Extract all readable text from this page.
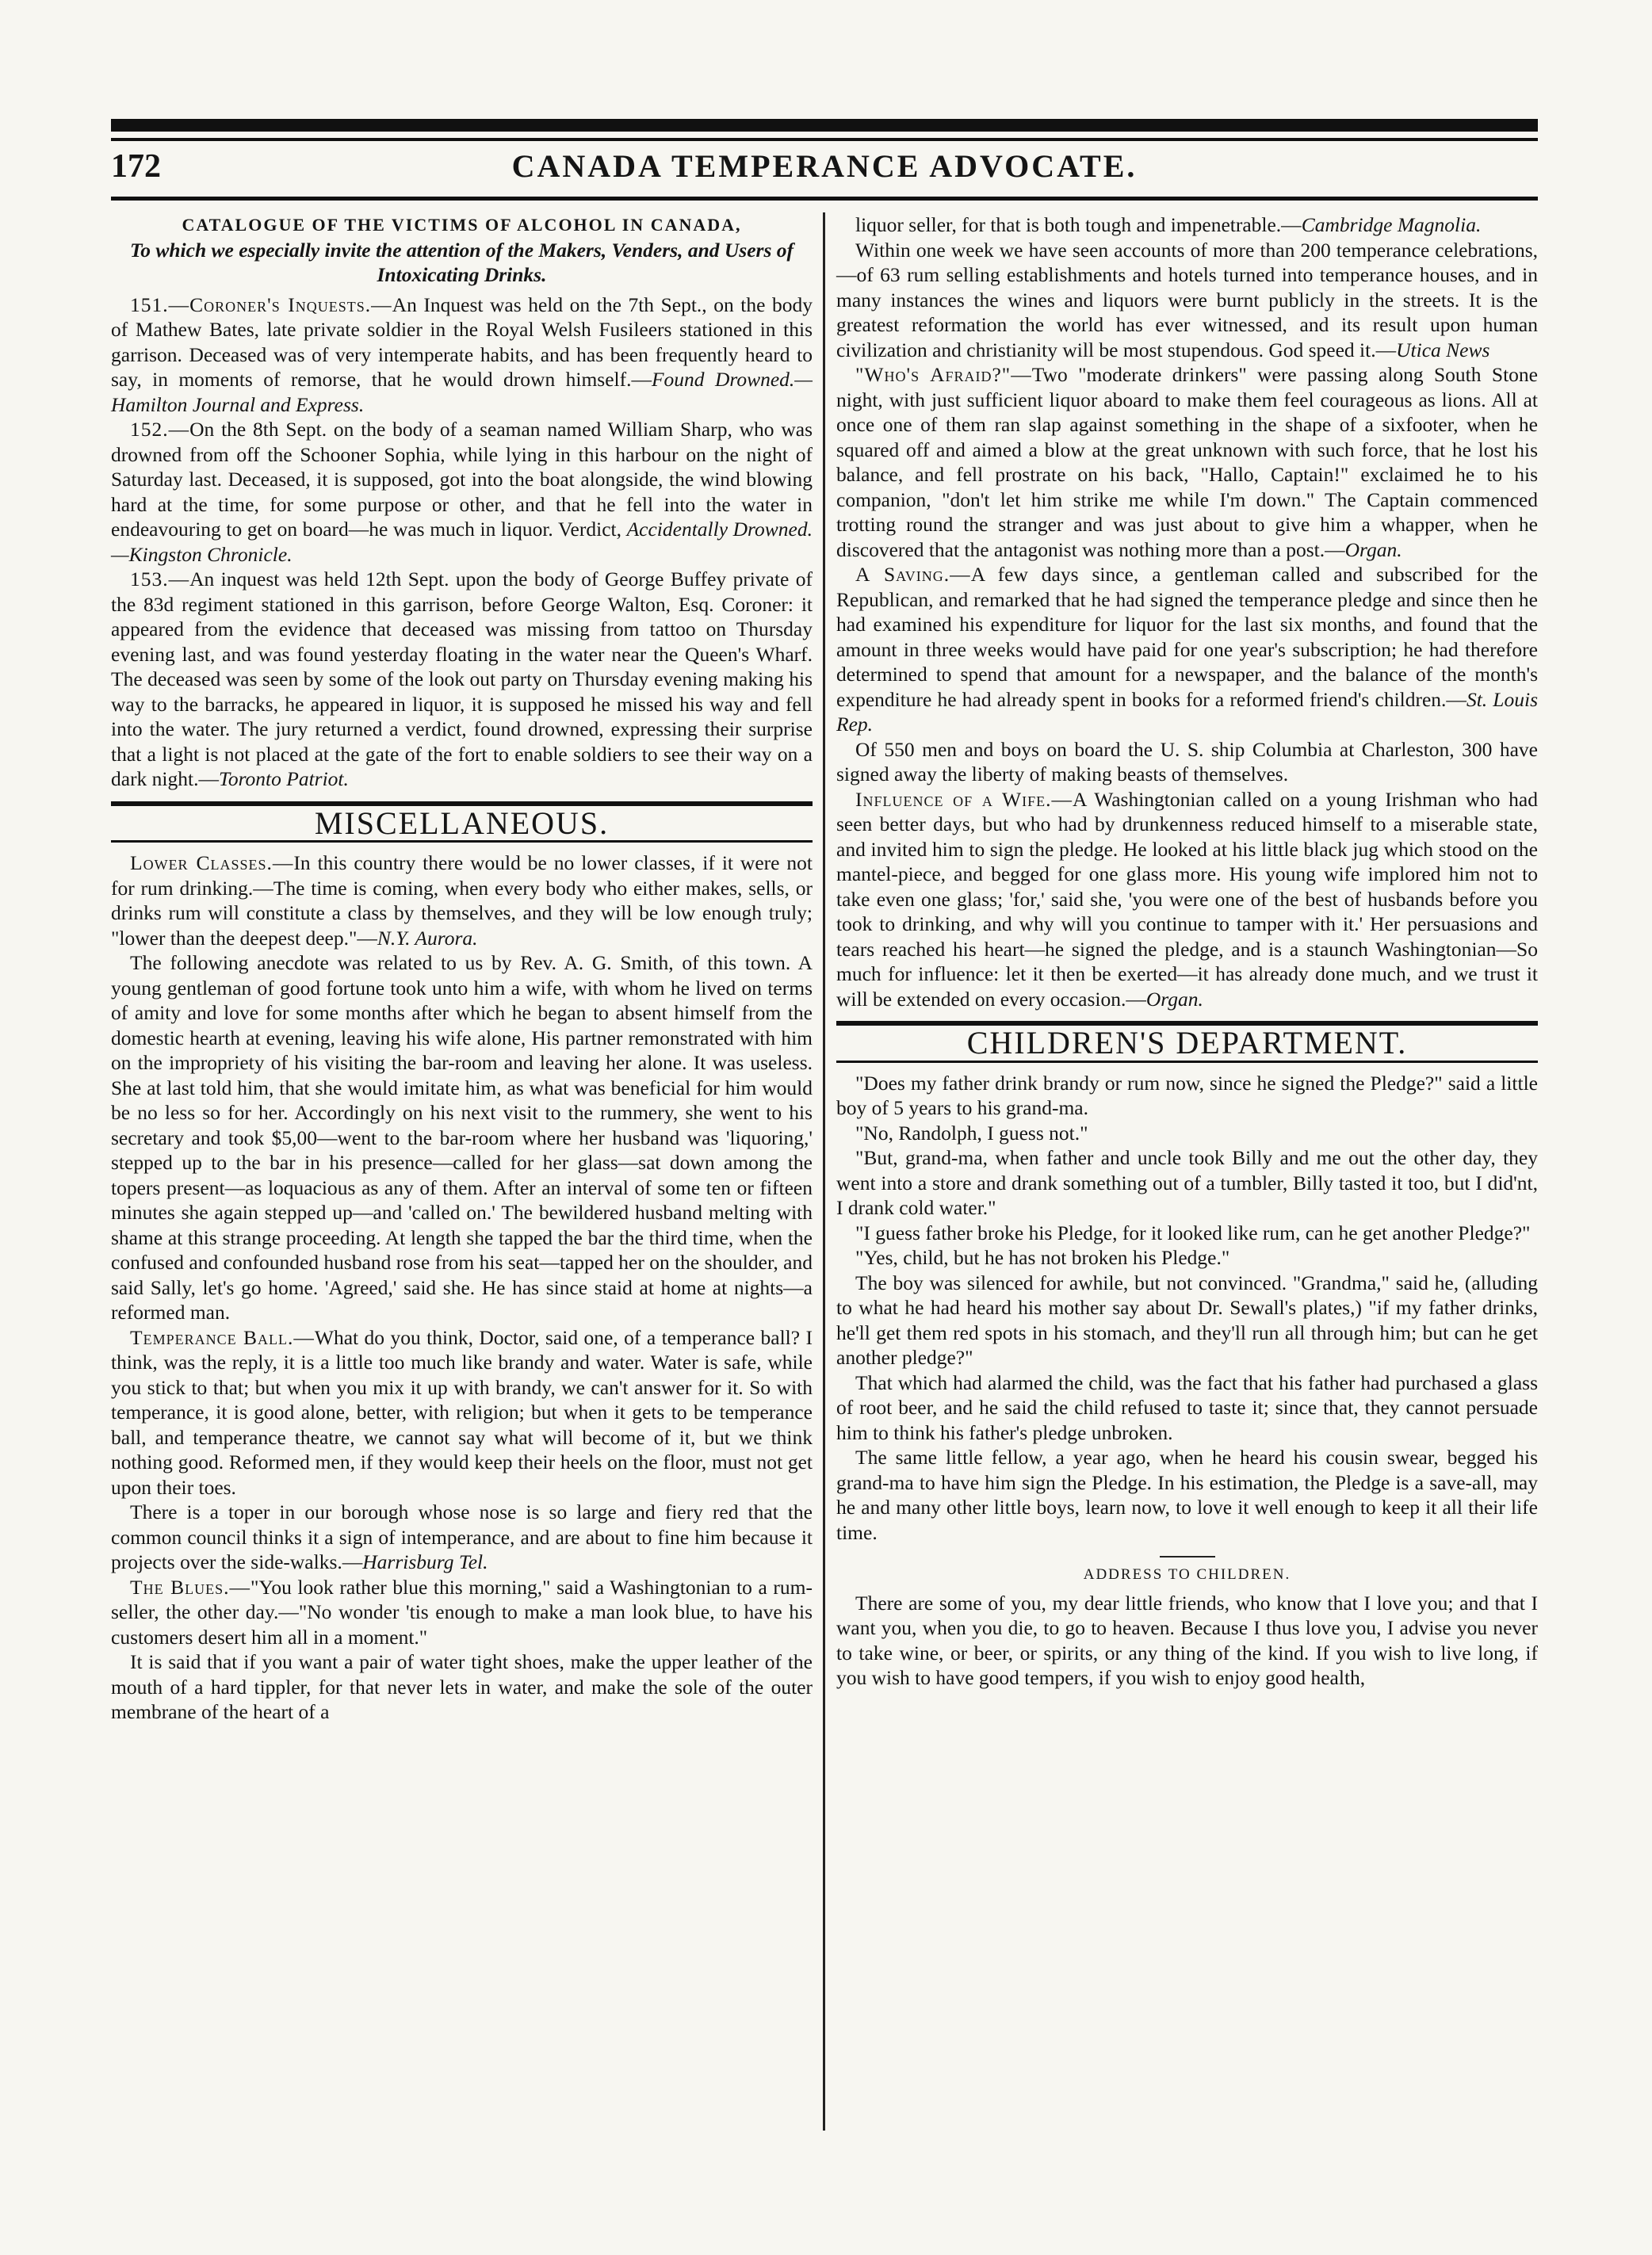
172	CANADA TEMPERANCE ADVOCATE.

CATALOGUE OF THE VICTIMS OF ALCOHOL IN CANADA,

To which we especially invite the attention of the Makers, Venders, and Users of Intoxicating Drinks.

151.—Coroner's Inquests.—An Inquest was held on the 7th Sept., on the body of Mathew Bates, late private soldier in the Royal Welsh Fusileers stationed in this garrison. Deceased was of very intemperate habits, and has been frequently heard to say, in moments of remorse, that he would drown himself.—Found Drowned.—Hamilton Journal and Express.

152.—On the 8th Sept. on the body of a seaman named William Sharp, who was drowned from off the Schooner Sophia, while lying in this harbour on the night of Saturday last. Deceased, it is supposed, got into the boat alongside, the wind blowing hard at the time, for some purpose or other, and that he fell into the water in endeavouring to get on board—he was much in liquor. Verdict, Accidentally Drowned.—Kingston Chronicle.

153.—An inquest was held 12th Sept. upon the body of George Buffey private of the 83d regiment stationed in this garrison, before George Walton, Esq. Coroner: it appeared from the evidence that deceased was missing from tattoo on Thursday evening last, and was found yesterday floating in the water near the Queen's Wharf. The deceased was seen by some of the look out party on Thursday evening making his way to the barracks, he appeared in liquor, it is supposed he missed his way and fell into the water. The jury returned a verdict, found drowned, expressing their surprise that a light is not placed at the gate of the fort to enable soldiers to see their way on a dark night.—Toronto Patriot.

MISCELLANEOUS.

Lower Classes.—In this country there would be no lower classes, if it were not for rum drinking.—The time is coming, when every body who either makes, sells, or drinks rum will constitute a class by themselves, and they will be low enough truly; "lower than the deepest deep."—N.Y. Aurora.

The following anecdote was related to us by Rev. A. G. Smith, of this town. A young gentleman of good fortune took unto him a wife, with whom he lived on terms of amity and love for some months after which he began to absent himself from the domestic hearth at evening, leaving his wife alone, His partner remonstrated with him on the impropriety of his visiting the bar-room and leaving her alone. It was useless. She at last told him, that she would imitate him, as what was beneficial for him would be no less so for her. Accordingly on his next visit to the rummery, she went to his secretary and took $5,00—went to the bar-room where her husband was 'liquoring,' stepped up to the bar in his presence—called for her glass—sat down among the topers present—as loquacious as any of them. After an interval of some ten or fifteen minutes she again stepped up—and 'called on.' The bewildered husband melting with shame at this strange proceeding. At length she tapped the bar the third time, when the confused and confounded husband rose from his seat—tapped her on the shoulder, and said Sally, let's go home. 'Agreed,' said she. He has since staid at home at nights—a reformed man.

Temperance Ball.—What do you think, Doctor, said one, of a temperance ball? I think, was the reply, it is a little too much like brandy and water. Water is safe, while you stick to that; but when you mix it up with brandy, we can't answer for it. So with temperance, it is good alone, better, with religion; but when it gets to be temperance ball, and temperance theatre, we cannot say what will become of it, but we think nothing good. Reformed men, if they would keep their heels on the floor, must not get upon their toes.

There is a toper in our borough whose nose is so large and fiery red that the common council thinks it a sign of intemperance, and are about to fine him because it projects over the side-walks.—Harrisburg Tel.

The Blues.—"You look rather blue this morning," said a Washingtonian to a rum-seller, the other day.—"No wonder 'tis enough to make a man look blue, to have his customers desert him all in a moment."

It is said that if you want a pair of water tight shoes, make the upper leather of the mouth of a hard tippler, for that never lets in water, and make the sole of the outer membrane of the heart of a

liquor seller, for that is both tough and impenetrable.—Cambridge Magnolia.

Within one week we have seen accounts of more than 200 temperance celebrations,—of 63 rum selling establishments and hotels turned into temperance houses, and in many instances the wines and liquors were burnt publicly in the streets. It is the greatest reformation the world has ever witnessed, and its result upon human civilization and christianity will be most stupendous. God speed it.—Utica News

"Who's Afraid?"—Two "moderate drinkers" were passing along South Stone night, with just sufficient liquor aboard to make them feel courageous as lions. All at once one of them ran slap against something in the shape of a sixfooter, when he squared off and aimed a blow at the great unknown with such force, that he lost his balance, and fell prostrate on his back, "Hallo, Captain!" exclaimed he to his companion, "don't let him strike me while I'm down." The Captain commenced trotting round the stranger and was just about to give him a whapper, when he discovered that the antagonist was nothing more than a post.—Organ.

A Saving.—A few days since, a gentleman called and subscribed for the Republican, and remarked that he had signed the temperance pledge and since then he had examined his expenditure for liquor for the last six months, and found that the amount in three weeks would have paid for one year's subscription; he had therefore determined to spend that amount for a newspaper, and the balance of the month's expenditure he had already spent in books for a reformed friend's children.—St. Louis Rep.

Of 550 men and boys on board the U. S. ship Columbia at Charleston, 300 have signed away the liberty of making beasts of themselves.

Influence of a Wife.—A Washingtonian called on a young Irishman who had seen better days, but who had by drunkenness reduced himself to a miserable state, and invited him to sign the pledge. He looked at his little black jug which stood on the mantel-piece, and begged for one glass more. His young wife implored him not to take even one glass; 'for,' said she, 'you were one of the best of husbands before you took to drinking, and why will you continue to tamper with it.' Her persuasions and tears reached his heart—he signed the pledge, and is a staunch Washingtonian—So much for influence: let it then be exerted—it has already done much, and we trust it will be extended on every occasion.—Organ.

CHILDREN'S DEPARTMENT.

"Does my father drink brandy or rum now, since he signed the Pledge?" said a little boy of 5 years to his grand-ma.

"No, Randolph, I guess not."

"But, grand-ma, when father and uncle took Billy and me out the other day, they went into a store and drank something out of a tumbler, Billy tasted it too, but I did'nt, I drank cold water."

"I guess father broke his Pledge, for it looked like rum, can he get another Pledge?"

"Yes, child, but he has not broken his Pledge."

The boy was silenced for awhile, but not convinced. "Grandma," said he, (alluding to what he had heard his mother say about Dr. Sewall's plates,) "if my father drinks, he'll get them red spots in his stomach, and they'll run all through him; but can he get another pledge?"

That which had alarmed the child, was the fact that his father had purchased a glass of root beer, and he said the child refused to taste it; since that, they cannot persuade him to think his father's pledge unbroken.

The same little fellow, a year ago, when he heard his cousin swear, begged his grand-ma to have him sign the Pledge. In his estimation, the Pledge is a save-all, may he and many other little boys, learn now, to love it well enough to keep it all their life time.

ADDRESS TO CHILDREN.

There are some of you, my dear little friends, who know that I love you; and that I want you, when you die, to go to heaven. Because I thus love you, I advise you never to take wine, or beer, or spirits, or any thing of the kind. If you wish to live long, if you wish to have good tempers, if you wish to enjoy good health,
